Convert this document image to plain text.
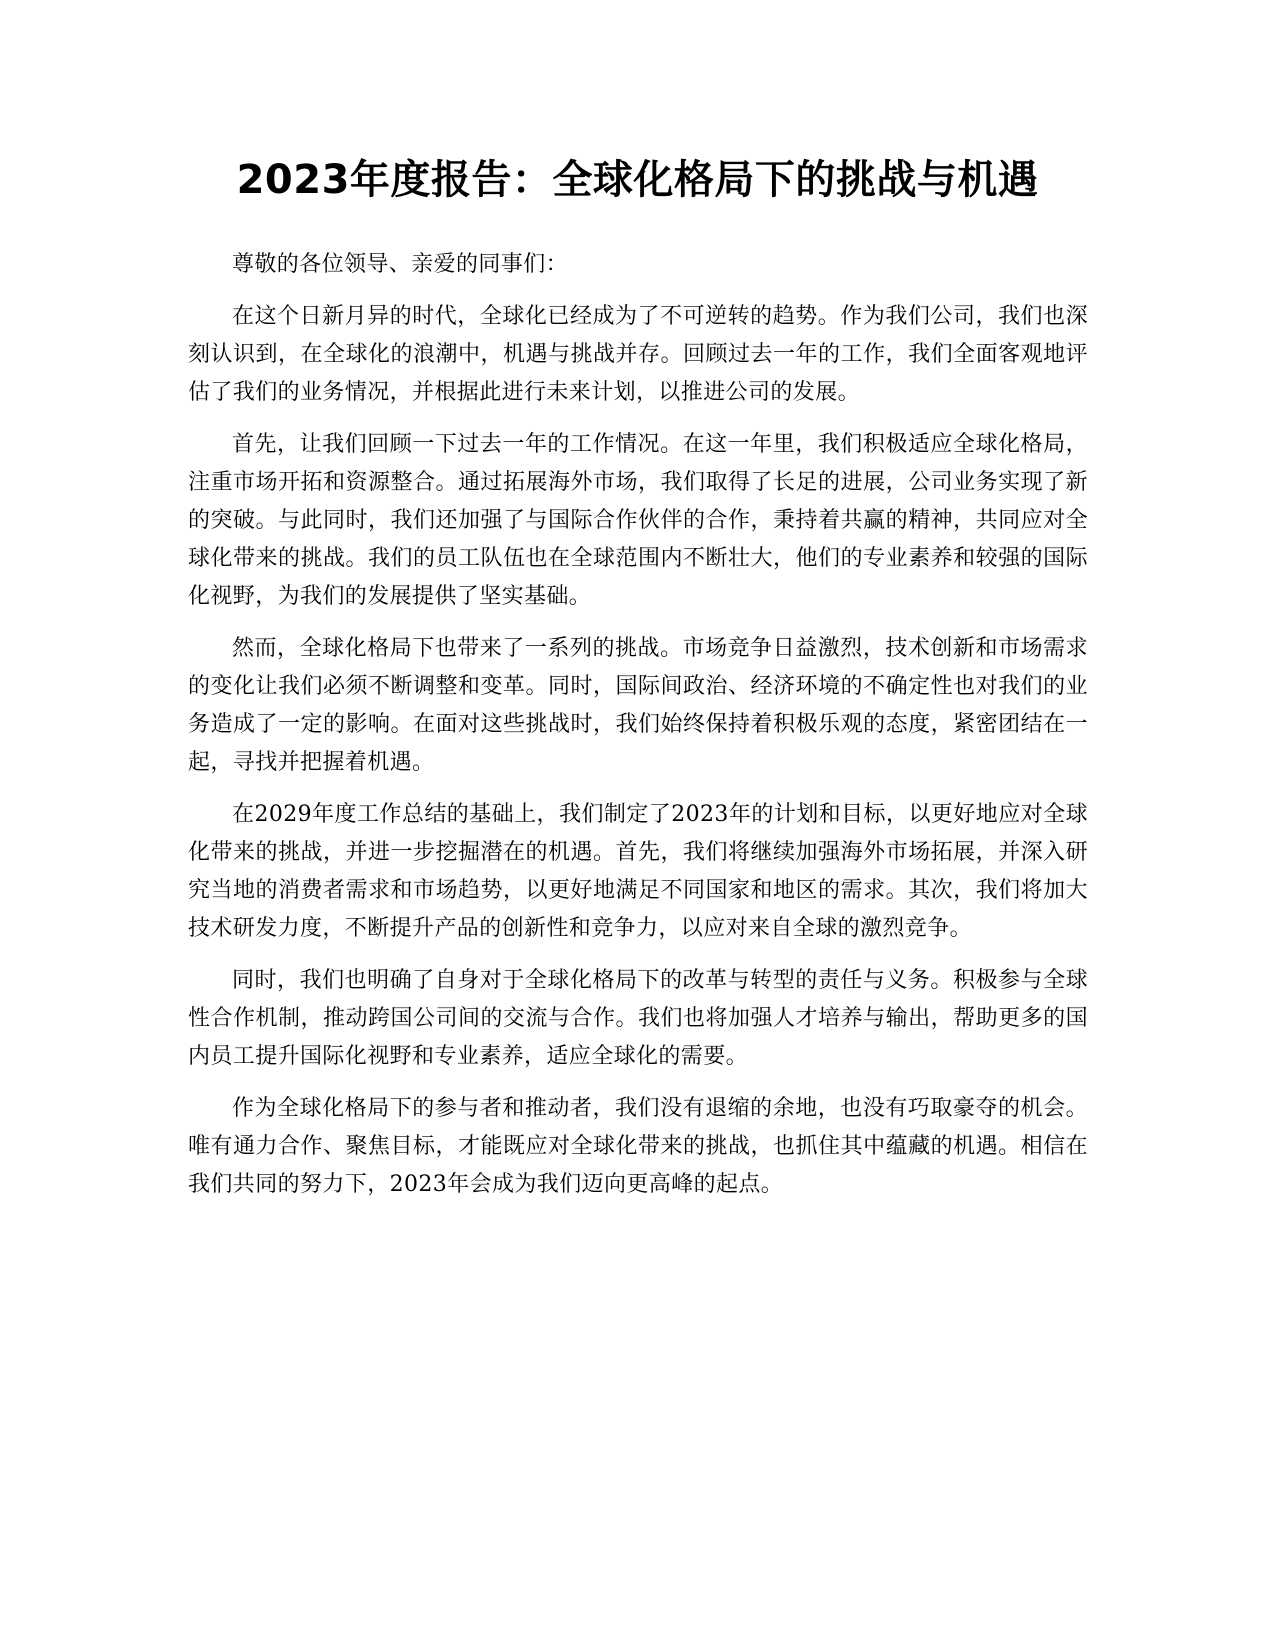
2023年度报告：全球化格局下的挑战与机遇

尊敬的各位领导、亲爱的同事们：

在这个日新月异的时代，全球化已经成为了不可逆转的趋势。作为我们公司，我们也深刻认识到，在全球化的浪潮中，机遇与挑战并存。回顾过去一年的工作，我们全面客观地评估了我们的业务情况，并根据此进行未来计划，以推进公司的发展。

首先，让我们回顾一下过去一年的工作情况。在这一年里，我们积极适应全球化格局，注重市场开拓和资源整合。通过拓展海外市场，我们取得了长足的进展，公司业务实现了新的突破。与此同时，我们还加强了与国际合作伙伴的合作，秉持着共赢的精神，共同应对全球化带来的挑战。我们的员工队伍也在全球范围内不断壮大，他们的专业素养和较强的国际化视野，为我们的发展提供了坚实基础。

然而，全球化格局下也带来了一系列的挑战。市场竞争日益激烈，技术创新和市场需求的变化让我们必须不断调整和变革。同时，国际间政治、经济环境的不确定性也对我们的业务造成了一定的影响。在面对这些挑战时，我们始终保持着积极乐观的态度，紧密团结在一起，寻找并把握着机遇。

在2029年度工作总结的基础上，我们制定了2023年的计划和目标，以更好地应对全球化带来的挑战，并进一步挖掘潜在的机遇。首先，我们将继续加强海外市场拓展，并深入研究当地的消费者需求和市场趋势，以更好地满足不同国家和地区的需求。其次，我们将加大技术研发力度，不断提升产品的创新性和竞争力，以应对来自全球的激烈竞争。

同时，我们也明确了自身对于全球化格局下的改革与转型的责任与义务。积极参与全球性合作机制，推动跨国公司间的交流与合作。我们也将加强人才培养与输出，帮助更多的国内员工提升国际化视野和专业素养，适应全球化的需要。

作为全球化格局下的参与者和推动者，我们没有退缩的余地，也没有巧取豪夺的机会。唯有通力合作、聚焦目标，才能既应对全球化带来的挑战，也抓住其中蕴藏的机遇。相信在我们共同的努力下，2023年会成为我们迈向更高峰的起点。
